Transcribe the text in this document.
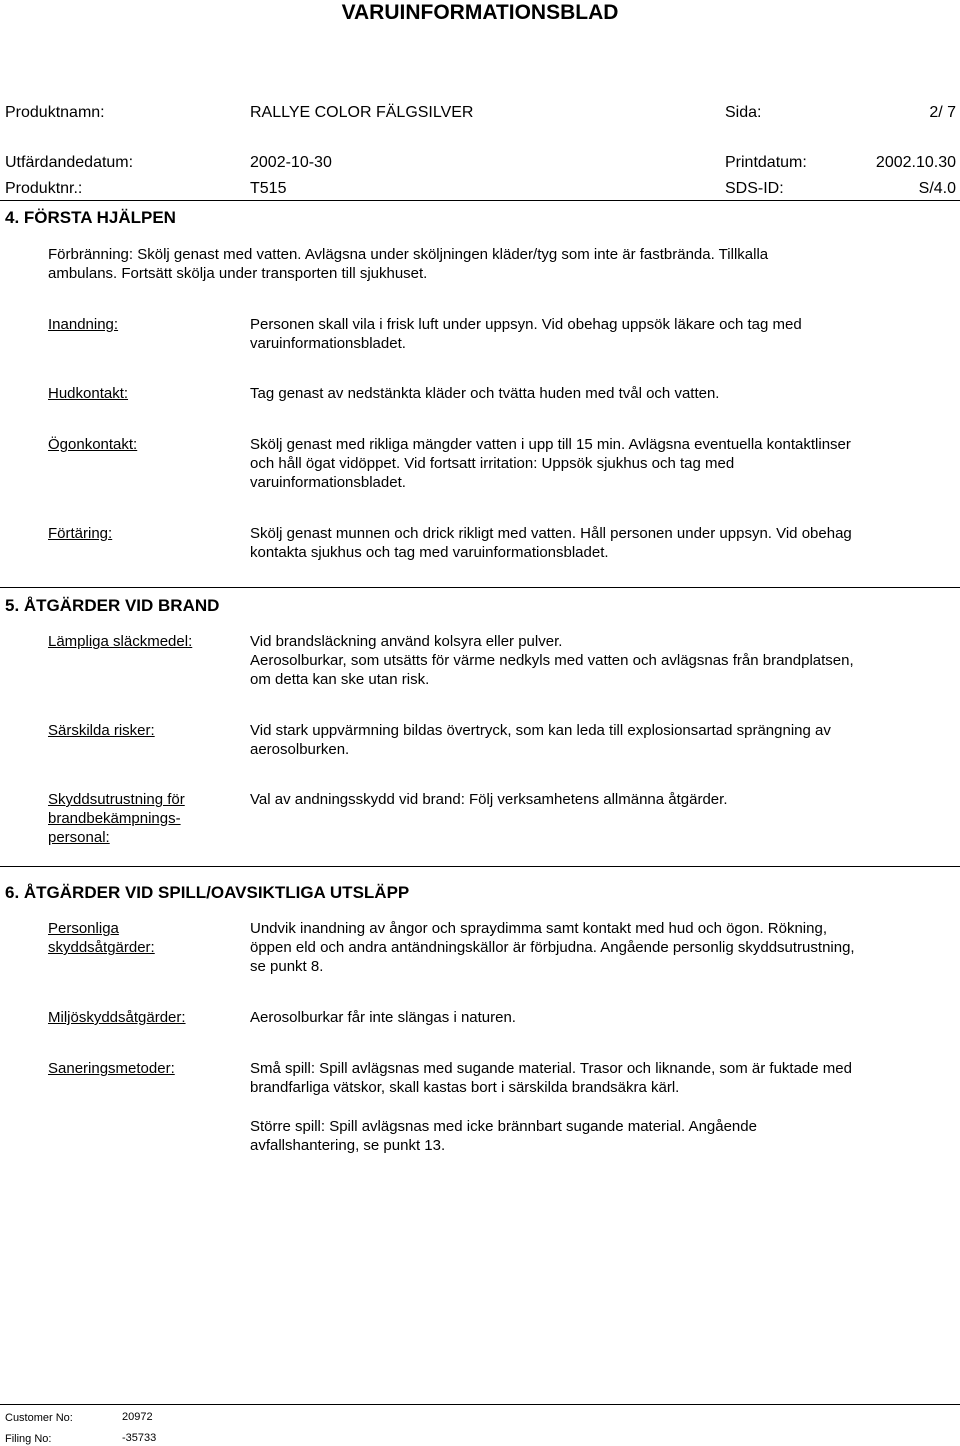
VARUINFORMATIONSBLAD
Produktnamn:	RALLYE COLOR FÄLGSILVER	Sida:	2/ 7
Utfärdandedatum:	2002-10-30	Printdatum:	2002.10.30
Produktnr.:	T515	SDS-ID:	S/4.0
4. FÖRSTA HJÄLPEN
Förbränning: Skölj genast med vatten. Avlägsna under sköljningen kläder/tyg som inte är fastbrända. Tillkalla
ambulans. Fortsätt skölja under transporten till sjukhuset.
Inandning:	Personen skall vila i frisk luft under uppsyn. Vid obehag uppsök läkare och tag med
varuinformationsbladet.
Hudkontakt:	Tag genast av nedstänkta kläder och tvätta huden med tvål och vatten.
Ögonkontakt:	Skölj genast med rikliga mängder vatten i upp till 15 min. Avlägsna eventuella kontaktlinser
och håll ögat vidöppet. Vid fortsatt irritation: Uppsök sjukhus och tag med
varuinformationsbladet.
Förtäring:	Skölj genast munnen och drick rikligt med vatten. Håll personen under uppsyn. Vid obehag
kontakta sjukhus och tag med varuinformationsbladet.
5. ÅTGÄRDER VID BRAND
Lämpliga släckmedel:	Vid brandsläckning använd kolsyra eller pulver.
Aerosolburkar, som utsätts för värme nedkyls med vatten och avlägsnas från brandplatsen,
om detta kan ske utan risk.
Särskilda risker:	Vid stark uppvärmning bildas övertryck, som kan leda till explosionsartad sprängning av
aerosolburken.
Skyddsutrustning för
brandbekämpnings-
personal:
Val av andningsskydd vid brand: Följ verksamhetens allmänna åtgärder.
6. ÅTGÄRDER VID SPILL/OAVSIKTLIGA UTSLÄPP
Personliga
skyddsåtgärder:
Undvik inandning av ångor och spraydimma samt kontakt med hud och ögon. Rökning,
öppen eld och andra antändningskällor är förbjudna. Angående personlig skyddsutrustning,
se punkt 8.
Miljöskyddsåtgärder:	Aerosolburkar får inte slängas i naturen.
Saneringsmetoder:	Små spill: Spill avlägsnas med sugande material. Trasor och liknande, som är fuktade med
brandfarliga vätskor, skall kastas bort i särskilda brandsäkra kärl.
Större spill: Spill avlägsnas med icke brännbart sugande material. Angående
avfallshantering, se punkt 13.
Customer No:	20972
Filing No:	-35733
